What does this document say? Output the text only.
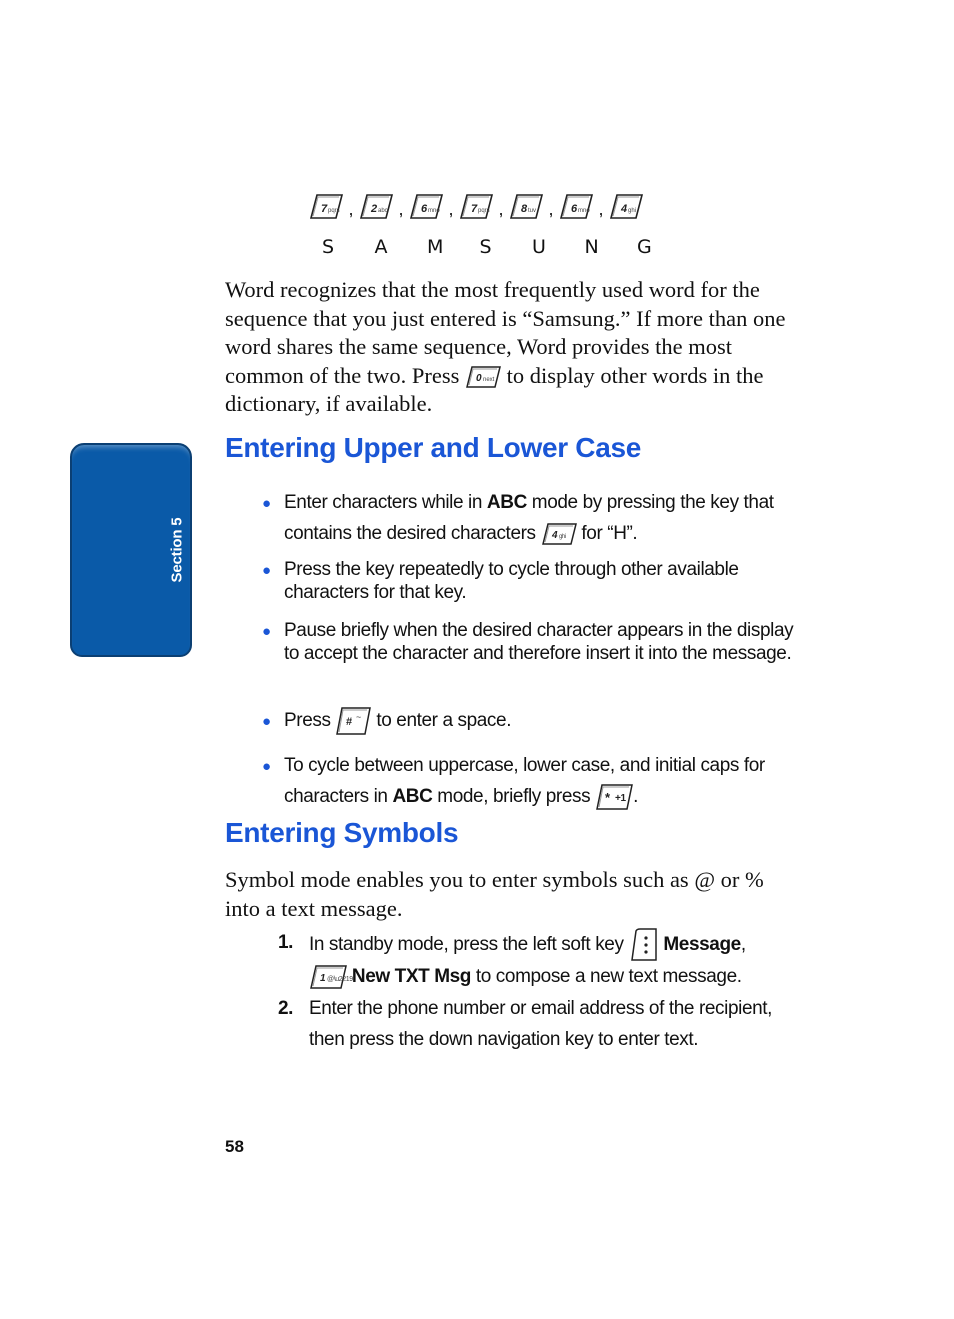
7 pqrs , 2 abc , 6 mno , 7 pqrs , 8 tuv , 6 mno , 4 ghi
S A M S U N G

Word recognizes that the most frequently used word for the sequence that you just entered is “Samsung.” If more than one word shares the same sequence, Word provides the most common of the two. Press 0 next to display other words in the dictionary, if available.

Entering Upper and Lower Case
● Enter characters while in ABC mode by pressing the key that contains the desired characters 4 ghi for “H”.
● Press the key repeatedly to cycle through other available characters for that key.
● Pause briefly when the desired character appears in the display to accept the character and therefore insert it into the message.
● Press # ~ to enter a space.
● To cycle between uppercase, lower case, and initial caps for characters in ABC mode, briefly press * +1 .
Entering Symbols

Symbol mode enables you to enter symbols such as @ or % into a text message.

1. In standby mode, press the left soft key Message,

1 @\u2219 New TXT Msg to compose a new text message.
2. Enter the phone number or email address of the recipient, then press the down navigation key to enter text.
Section 5
58
